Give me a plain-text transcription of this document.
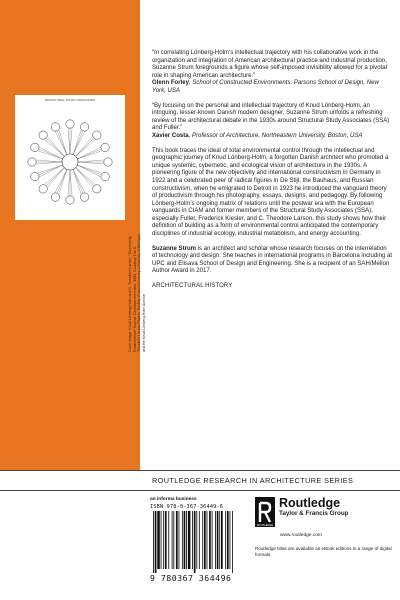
STRUCTURAL STUDY ASSOCIATES
Cover image: Knud Lönberg-Holm and C. Theodore Larson, "Community Relationships" Source: Development Index, 1953. Courtesy The C. Theodore Larson Papers, Bentley Historical Library, University of Michigan and the Knud Lönberg-Holm Archive.

“In correlating Lönberg-Holm’s intellectual trajectory with his collaborative work in the organization and integration of American architectural practice and industrial production, Suzanne Strum foregrounds a figure whose self-imposed invisibility allowed for a pivotal role in shaping American architecture.”
Glenn Forley, School of Constructed Environments, Parsons School of Design, New York, USA

“By focusing on the personal and intellectual trajectory of Knud Lönberg-Holm, an intriguing, lesser-known Danish modern designer, Suzanne Strum unfolds a refreshing review of the architectural debate in the 1930s around Structural Study Associates (SSA) and Fuller.”
Xavier Costa, Professor of Architecture, Northeastern University, Boston, USA

This book traces the ideal of total environmental control through the intellectual and geographic journey of Knud Lönberg-Holm, a forgotten Danish architect who promoted a unique systemic, cybernetic, and ecological vision of architecture in the 1930s. A pioneering figure of the new objectivity and international constructivism in Germany in 1922 and a celebrated peer of radical figures in De Stijl, the Bauhaus, and Russian constructivism, when he emigrated to Detroit in 1923 he introduced the vanguard theory of productivism through his photography, essays, designs, and pedagogy. By following Lönberg-Holm’s ongoing matrix of relations until the postwar era with the European vanguards in CIAM and former members of the Structural Study Associates (SSA), especially Fuller, Frederick Kiesler, and C. Theodore Larson, this study shows how their definition of building as a form of environmental control anticipated the contemporary disciplines of industrial ecology, industrial metabolism, and energy accounting.

Suzanne Strum is an architect and scholar whose research focuses on the interrelation of technology and design. She teaches in international programs in Barcelona including at UPC and Elisava School of Design and Engineering. She is a recipient of an SAH/Mellon Author Award in 2017.

ARCHITECTURAL HISTORY

ROUTLEDGE RESEARCH IN ARCHITECTURE SERIES
an informa business
ISBN 978-0-367-36449-6
9 780367 364496
ROUTLEDGE
Routledge
Taylor & Francis Group
www.routledge.com
Routledge titles are available as eBook editions in a range of digital formats
